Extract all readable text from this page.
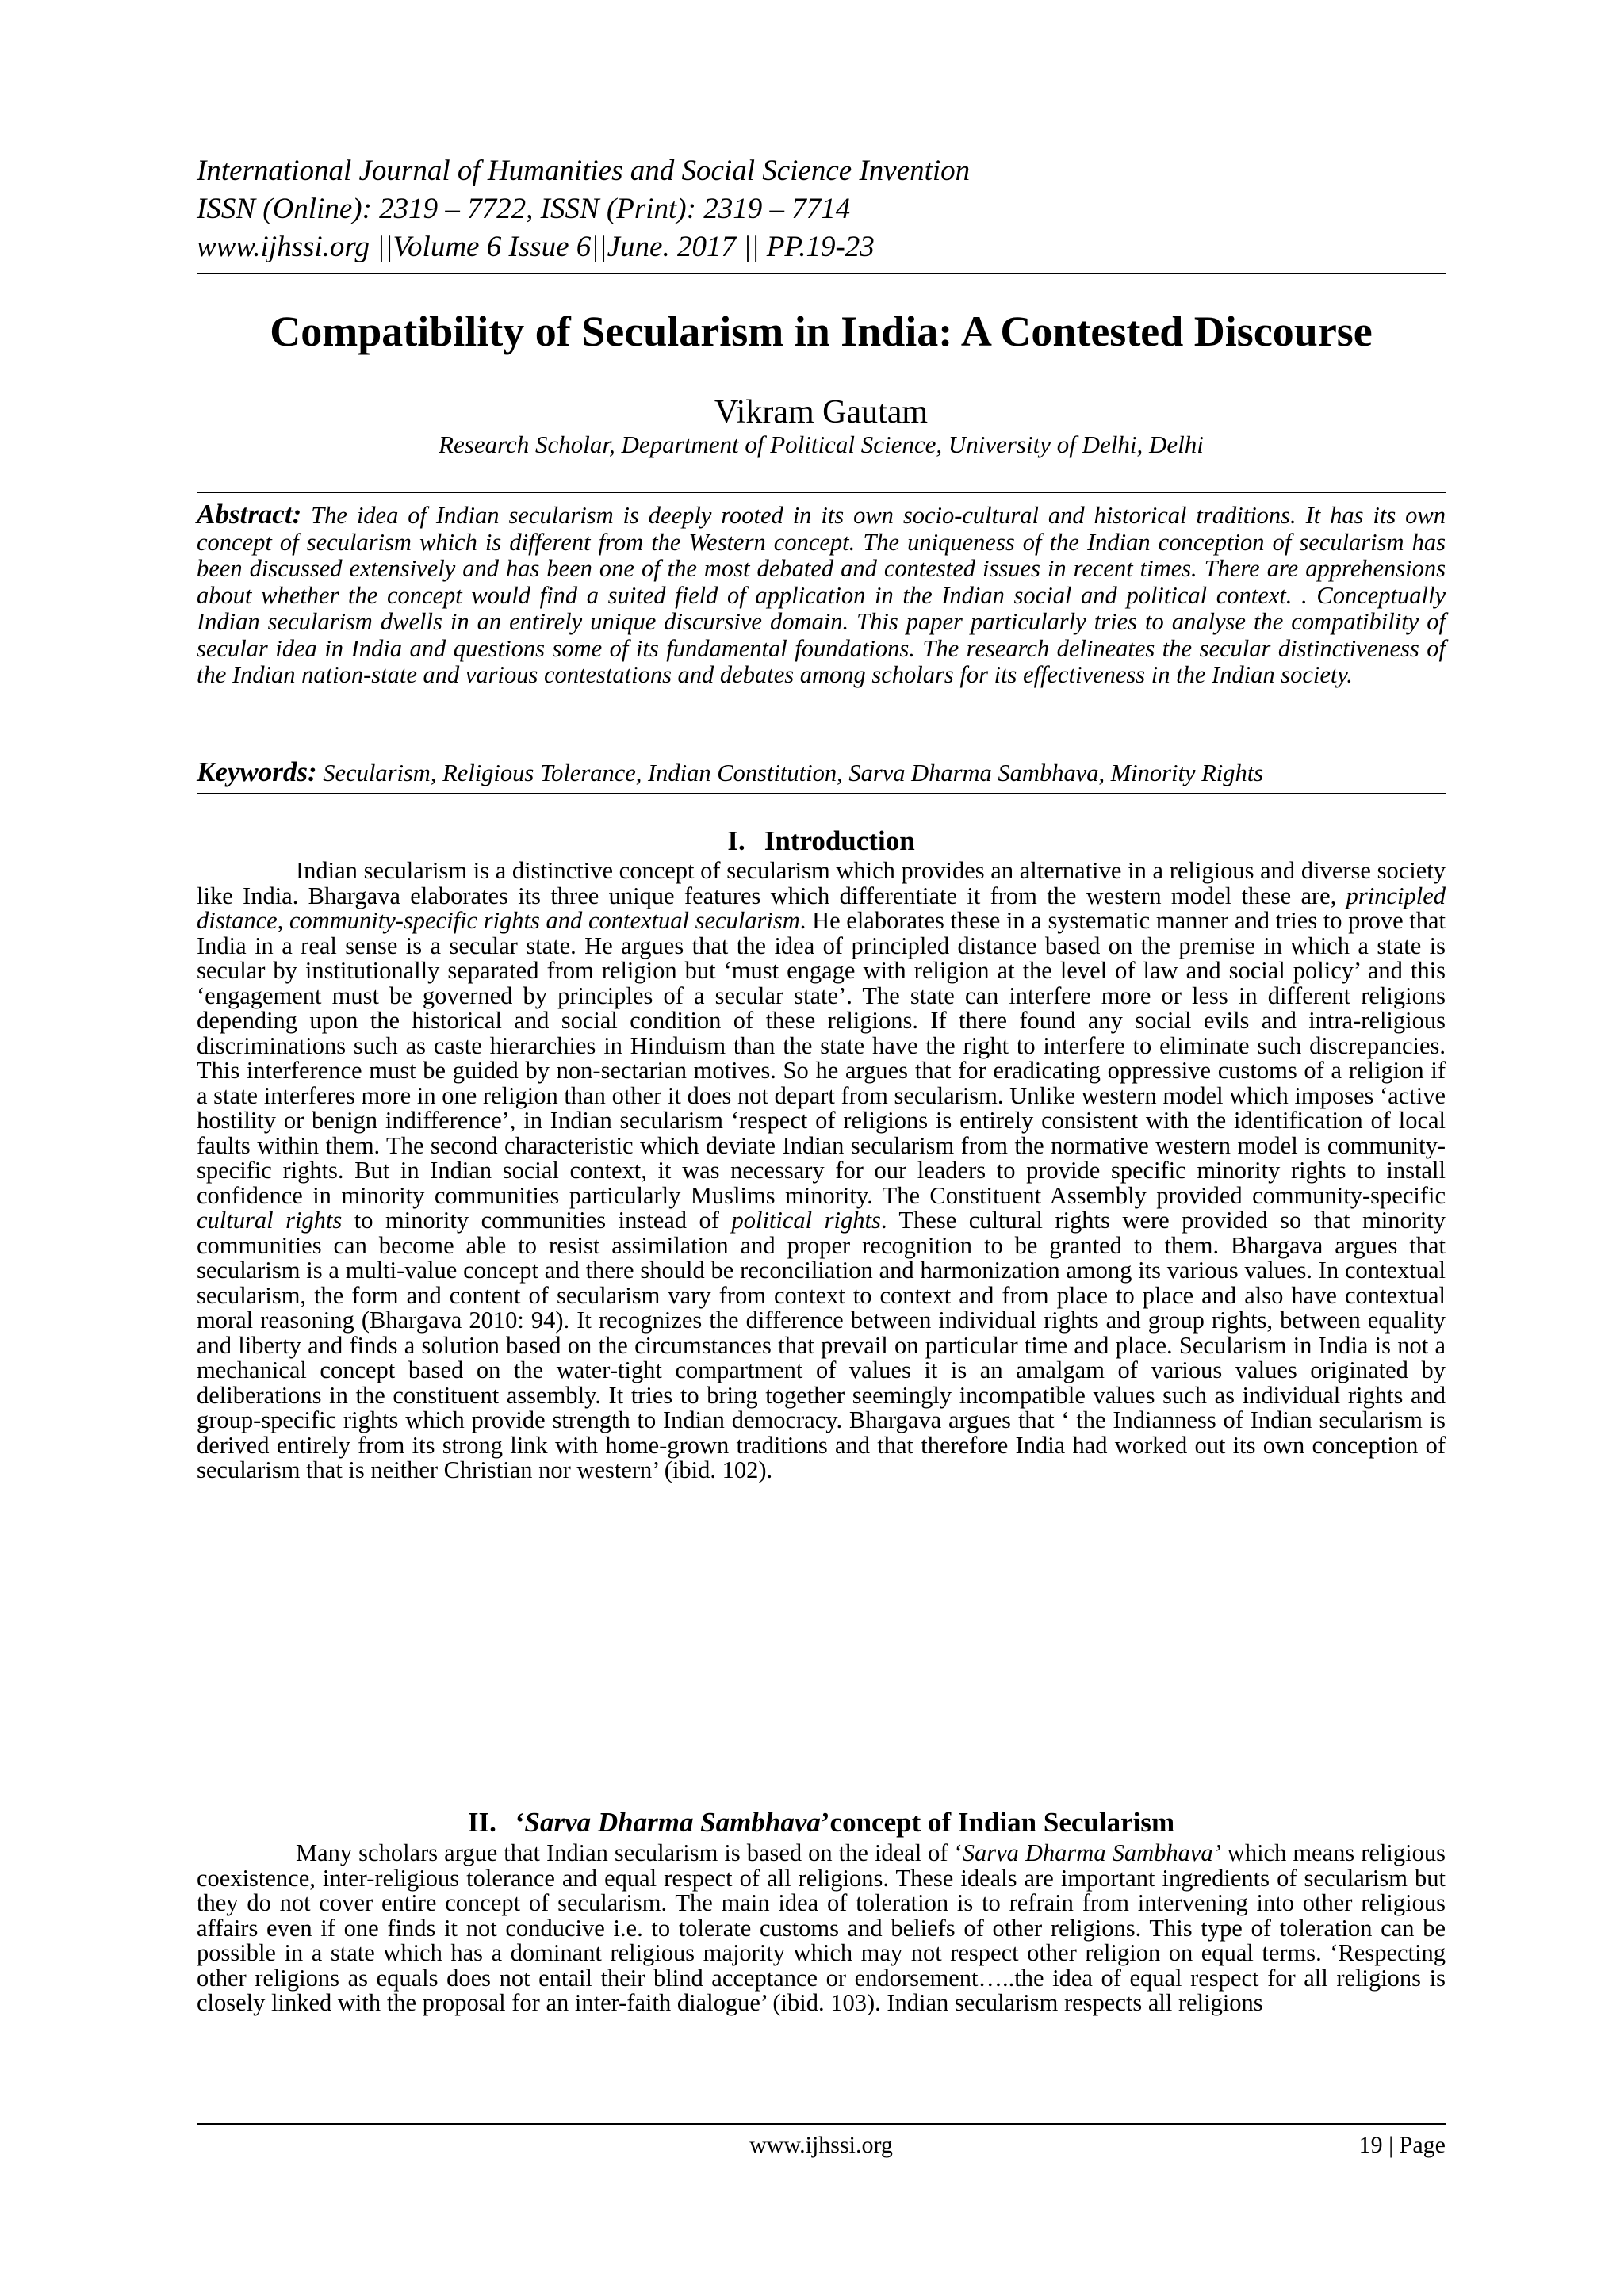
International Journal of Humanities and Social Science Invention
ISSN (Online): 2319 – 7722, ISSN (Print): 2319 – 7714
www.ijhssi.org ||Volume 6 Issue 6||June. 2017 || PP.19-23
Compatibility of Secularism in India: A Contested Discourse
Vikram Gautam
Research Scholar, Department of Political Science, University of Delhi, Delhi
Abstract: The idea of Indian secularism is deeply rooted in its own socio-cultural and historical traditions. It has its own concept of secularism which is different from the Western concept. The uniqueness of the Indian conception of secularism has been discussed extensively and has been one of the most debated and contested issues in recent times. There are apprehensions about whether the concept would find a suited field of application in the Indian social and political context. . Conceptually Indian secularism dwells in an entirely unique discursive domain. This paper particularly tries to analyse the compatibility of secular idea in India and questions some of its fundamental foundations. The research delineates the secular distinctiveness of the Indian nation-state and various contestations and debates among scholars for its effectiveness in the Indian society.
Keywords: Secularism, Religious Tolerance, Indian Constitution, Sarva Dharma Sambhava, Minority Rights
I. Introduction

Indian secularism is a distinctive concept of secularism which provides an alternative in a religious and diverse society like India. Bhargava elaborates its three unique features which differentiate it from the western model these are, principled distance, community-specific rights and contextual secularism. He elaborates these in a systematic manner and tries to prove that India in a real sense is a secular state. He argues that the idea of principled distance based on the premise in which a state is secular by institutionally separated from religion but ‘must engage with religion at the level of law and social policy’ and this ‘engagement must be governed by principles of a secular state’. The state can interfere more or less in different religions depending upon the historical and social condition of these religions. If there found any social evils and intra-religious discriminations such as caste hierarchies in Hinduism than the state have the right to interfere to eliminate such discrepancies. This interference must be guided by non-sectarian motives. So he argues that for eradicating oppressive customs of a religion if a state interferes more in one religion than other it does not depart from secularism. Unlike western model which imposes ‘active hostility or benign indifference’, in Indian secularism ‘respect of religions is entirely consistent with the identification of local faults within them. The second characteristic which deviate Indian secularism from the normative western model is community-specific rights. But in Indian social context, it was necessary for our leaders to provide specific minority rights to install confidence in minority communities particularly Muslims minority. The Constituent Assembly provided community-specific cultural rights to minority communities instead of political rights. These cultural rights were provided so that minority communities can become able to resist assimilation and proper recognition to be granted to them. Bhargava argues that secularism is a multi-value concept and there should be reconciliation and harmonization among its various values. In contextual secularism, the form and content of secularism vary from context to context and from place to place and also have contextual moral reasoning (Bhargava 2010: 94). It recognizes the difference between individual rights and group rights, between equality and liberty and finds a solution based on the circumstances that prevail on particular time and place. Secularism in India is not a mechanical concept based on the water-tight compartment of values it is an amalgam of various values originated by deliberations in the constituent assembly. It tries to bring together seemingly incompatible values such as individual rights and group-specific rights which provide strength to Indian democracy. Bhargava argues that ‘ the Indianness of Indian secularism is derived entirely from its strong link with home-grown traditions and that therefore India had worked out its own conception of secularism that is neither Christian nor western’ (ibid. 102).

II. ‘Sarva Dharma Sambhava’concept of Indian Secularism

Many scholars argue that Indian secularism is based on the ideal of ‘Sarva Dharma Sambhava’ which means religious coexistence, inter-religious tolerance and equal respect of all religions. These ideals are important ingredients of secularism but they do not cover entire concept of secularism. The main idea of toleration is to refrain from intervening into other religious affairs even if one finds it not conducive i.e. to tolerate customs and beliefs of other religions. This type of toleration can be possible in a state which has a dominant religious majority which may not respect other religion on equal terms. ‘Respecting other religions as equals does not entail their blind acceptance or endorsement…..the idea of equal respect for all religions is closely linked with the proposal for an inter-faith dialogue’ (ibid. 103). Indian secularism respects all religions

www.ijhssi.org	19 | Page
